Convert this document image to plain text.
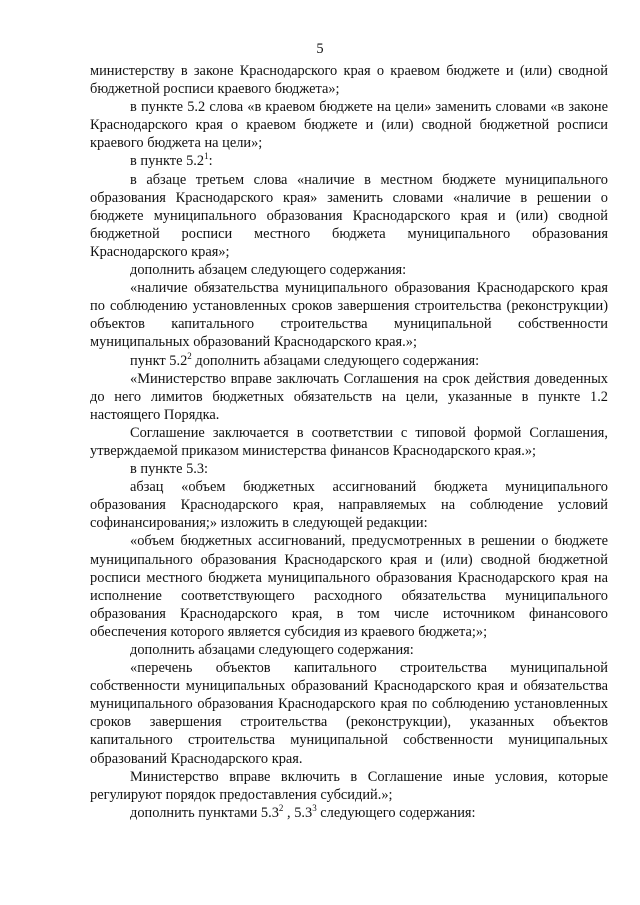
5

министерству в законе Краснодарского края о краевом бюджете и (или) сводной бюджетной росписи краевого бюджета»;

в пункте 5.2 слова «в краевом бюджете на цели» заменить словами «в законе Краснодарского края о краевом бюджете и (или) сводной бюджетной росписи краевого бюджета на цели»;

в пункте $5.2^1$:

в абзаце третьем слова «наличие в местном бюджете муниципального образования Краснодарского края» заменить словами «наличие в решении о бюджете муниципального образования Краснодарского края и (или) сводной бюджетной росписи местного бюджета муниципального образования Краснодарского края»;

дополнить абзацем следующего содержания:

«наличие обязательства муниципального образования Краснодарского края по соблюдению установленных сроков завершения строительства (реконструкции) объектов капитального строительства муниципальной собственности муниципальных образований Краснодарского края.»;

пункт $5.2^2$ дополнить абзацами следующего содержания:

«Министерство вправе заключать Соглашения на срок действия доведенных до него лимитов бюджетных обязательств на цели, указанные в пункте 1.2 настоящего Порядка.

Соглашение заключается в соответствии с типовой формой Соглашения, утверждаемой приказом министерства финансов Краснодарского края.»;

в пункте 5.3:

абзац «объем бюджетных ассигнований бюджета муниципального образования Краснодарского края, направляемых на соблюдение условий софинансирования;» изложить в следующей редакции:

«объем бюджетных ассигнований, предусмотренных в решении о бюджете муниципального образования Краснодарского края и (или) сводной бюджетной росписи местного бюджета муниципального образования Краснодарского края на исполнение соответствующего расходного обязательства муниципального образования Краснодарского края, в том числе источником финансового обеспечения которого является субсидия из краевого бюджета;»;

дополнить абзацами следующего содержания:

«перечень объектов капитального строительства муниципальной собственности муниципальных образований Краснодарского края и обязательства муниципального образования Краснодарского края по соблюдению установленных сроков завершения строительства (реконструкции), указанных объектов капитального строительства муниципальной собственности муниципальных образований Краснодарского края.

Министерство вправе включить в Соглашение иные условия, которые регулируют порядок предоставления субсидий.»;

дополнить пунктами $5.3^2$ , $5.3^3$ следующего содержания:
